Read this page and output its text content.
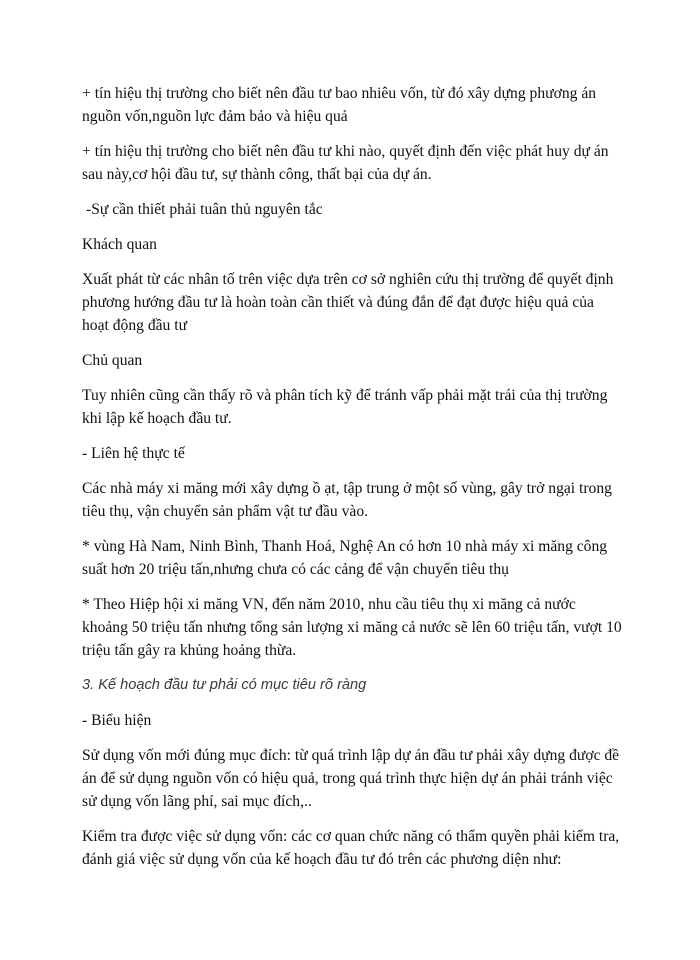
+ tín hiệu thị trường cho biết nên đầu tư bao nhiêu vốn, từ đó xây dựng phương án nguồn vốn,nguồn lực đảm bảo và hiệu quả

+ tín hiệu thị trường cho biết nên đầu tư khi nào, quyết định đến việc phát huy dự án sau này,cơ hội đầu tư, sự thành công, thất bại của dự án.

-Sự cần thiết phải tuân thủ nguyên tắc

Khách quan

Xuất phát từ các nhân tố trên việc dựa trên cơ sở nghiên cứu thị trường để quyết định phương hướng đầu tư là hoàn toàn cần thiết và đúng đắn để đạt được hiệu quả của hoạt động đầu tư

Chủ quan

Tuy nhiên cũng cần thấy rõ và phân tích kỹ để tránh vấp phải mặt trái của thị trường khi lập kế hoạch đầu tư.

- Liên hệ thực tế

Các nhà máy xi măng mới xây dựng ồ ạt, tập trung ở một số vùng, gây trở ngại trong tiêu thụ, vận chuyển sản phẩm vật tư đầu vào.

* vùng Hà Nam, Ninh Bình, Thanh Hoá, Nghệ An có hơn 10 nhà máy xi măng công suất hơn 20 triệu tấn,nhưng chưa có các cảng để vận chuyển tiêu thụ

* Theo Hiệp hội xi măng VN, đến năm 2010, nhu cầu tiêu thụ xi măng cả nước khoảng 50 triệu tấn nhưng tổng sản lượng xi măng cả nước sẽ lên 60 triệu tấn, vượt 10 triệu tấn gây ra khủng hoảng thừa.

3. Kế hoạch đầu tư phải có mục tiêu rõ ràng

- Biểu hiện

Sử dụng vốn mới đúng mục đích: từ quá trình lập dự án đầu tư phải xây dựng được đề án để sử dụng nguồn vốn có hiệu quả, trong quá trình thực hiện dự án phải tránh việc sử dụng vốn lãng phí, sai mục đích,..

Kiểm tra được việc sử dụng vốn: các cơ quan chức năng có thẩm quyền phải kiểm tra, đánh giá việc sử dụng vốn của kế hoạch đầu tư đó trên các phương diện như:
